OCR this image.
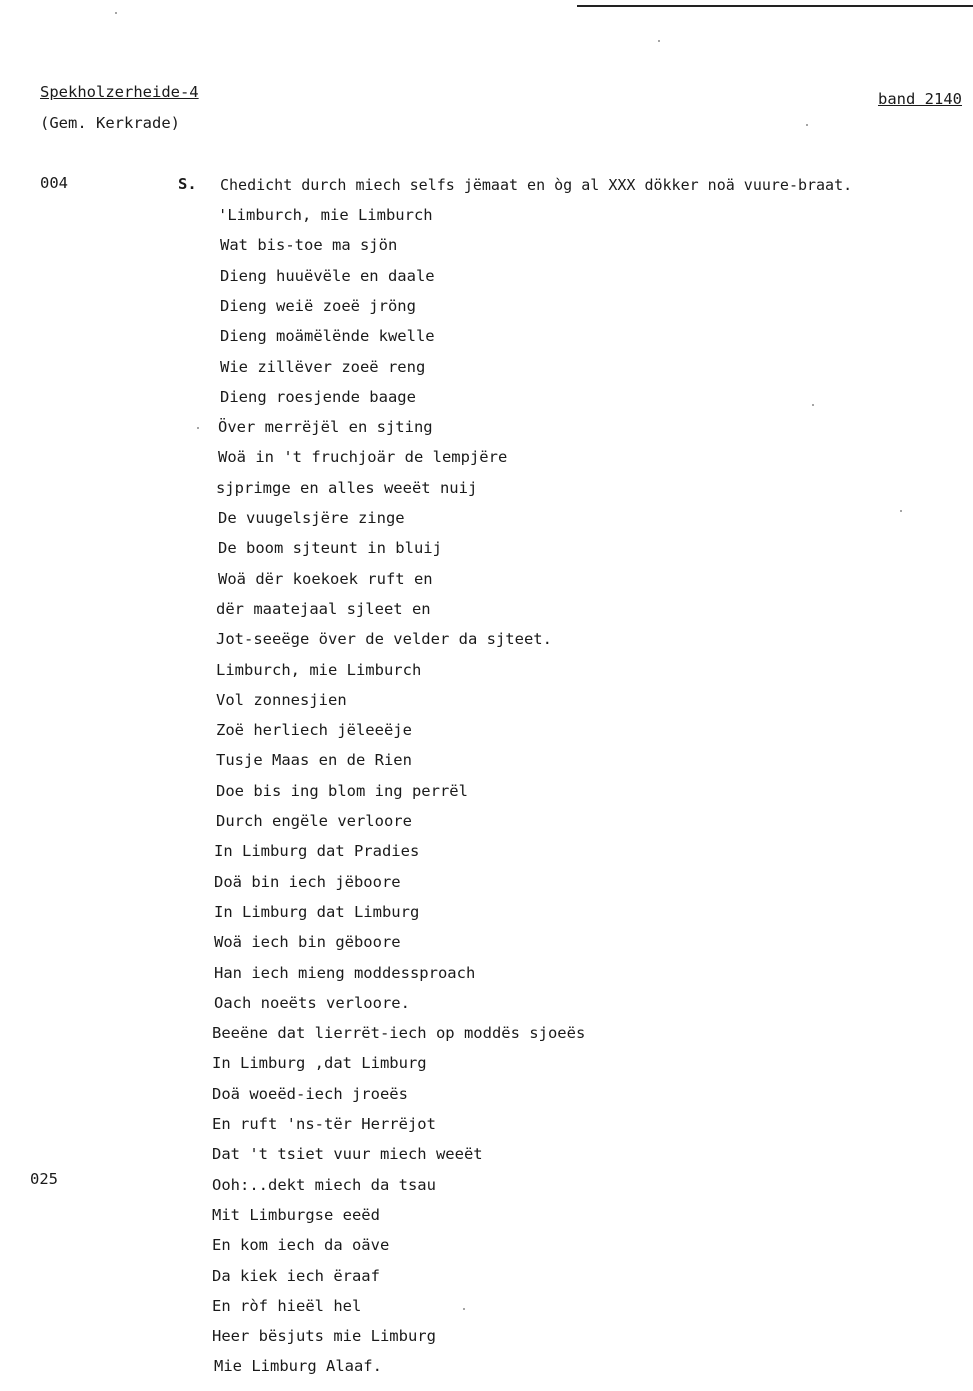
Spekholzerheide-4
(Gem. Kerkrade)
band 2140
004
025
S. Chedicht durch miech selfs jëmaat en òg al XXX dökker noä vuure-braat.
'Limburch, mie Limburch
Wat bis-toe ma sjön
Dieng huuëvële en daale
Dieng weië zoeë jröng
Dieng moämëlënde kwelle
Wie zillëver zoeë reng
Dieng roesjende baage
Över merrëjël en sjting
Woä in 't fruchjoär de lempjëre
sjprimge en alles weeët nuij
De vuugelsjëre zinge
De boom sjteunt in bluij
Woä dër koekoek ruft en
dër maatejaal sjleet en
Jot-seeëge över de velder da sjteet.
Limburch, mie Limburch
Vol zonnesjien
Zoë herliech jëleeëje
Tusje Maas en de Rien
Doe bis ing blom ing perrël
Durch engële verloore
In Limburg dat Pradies
Doä bin iech jëboore
In Limburg dat Limburg
Woä iech bin gëboore
Han iech mieng moddessproach
Oach noeëts verloore.
Beeëne dat lierrët-iech op moddës sjoeës
In Limburg ,dat Limburg
Doä woeëd-iech jroeës
En ruft 'ns-tër Herrëjot
Dat 't tsiet vuur miech weeët
Ooh:..dekt miech da tsau
Mit Limburgse eeëd
En kom iech da oäve
Da kiek iech ëraaf
En ròf hieël hel
Heer bësjuts mie Limburg
Mie Limburg Alaaf.
